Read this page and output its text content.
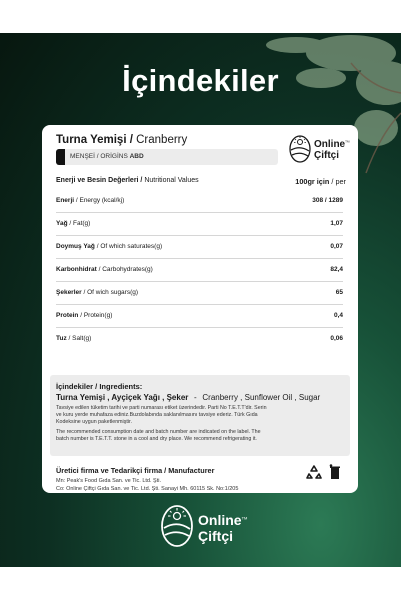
İçindekiler
Turna Yemişi / Cranberry
MENŞEİ / ORİGİNS ABD
Online™
Çiftçi
Enerji ve Besin Değerleri / Nutritional Values	100gr için / per
Enerji / Energy (kcal/kj)	308 / 1289
Yağ / Fat(g)	1,07
Doymuş Yağ / Of which saturates(g)	0,07
Karbonhidrat / Carbohydrates(g)	82,4
Şekerler / Of wich sugars(g)	65
Protein / Protein(g)	0,4
Tuz / Salt(g)	0,06
İçindekiler / Ingredients:
Turna Yemişi , Ayçiçek Yağı , Şeker - Cranberry , Sunflower Oil , Sugar
Tavsiye edilen tüketim tarihi ve parti numarası etiket üzerindedir. Parti No T.E.T.T'dir. Serin
ve kuru yerde muhafaza ediniz.Buzdolabında saklanılmasını tavsiye ederiz. Türk Gıda
Kodeksine uygun paketlenmiştir.
The recommended consumption date and batch number are indicated on the label. The
batch number is T.E.T.T. stone in a cool and dry place. We recommend refrigerating it.
Üretici firma ve Tedarikçi firma / Manufacturer
Mn: Peak's Food Gıda San. ve Tic. Ltd. Şti.
Co: Online Çiftçi Gıda San. ve Tic. Ltd. Şti. Sanayi Mh. 60115 Sk. No:1/205
Online™
Çiftçi
